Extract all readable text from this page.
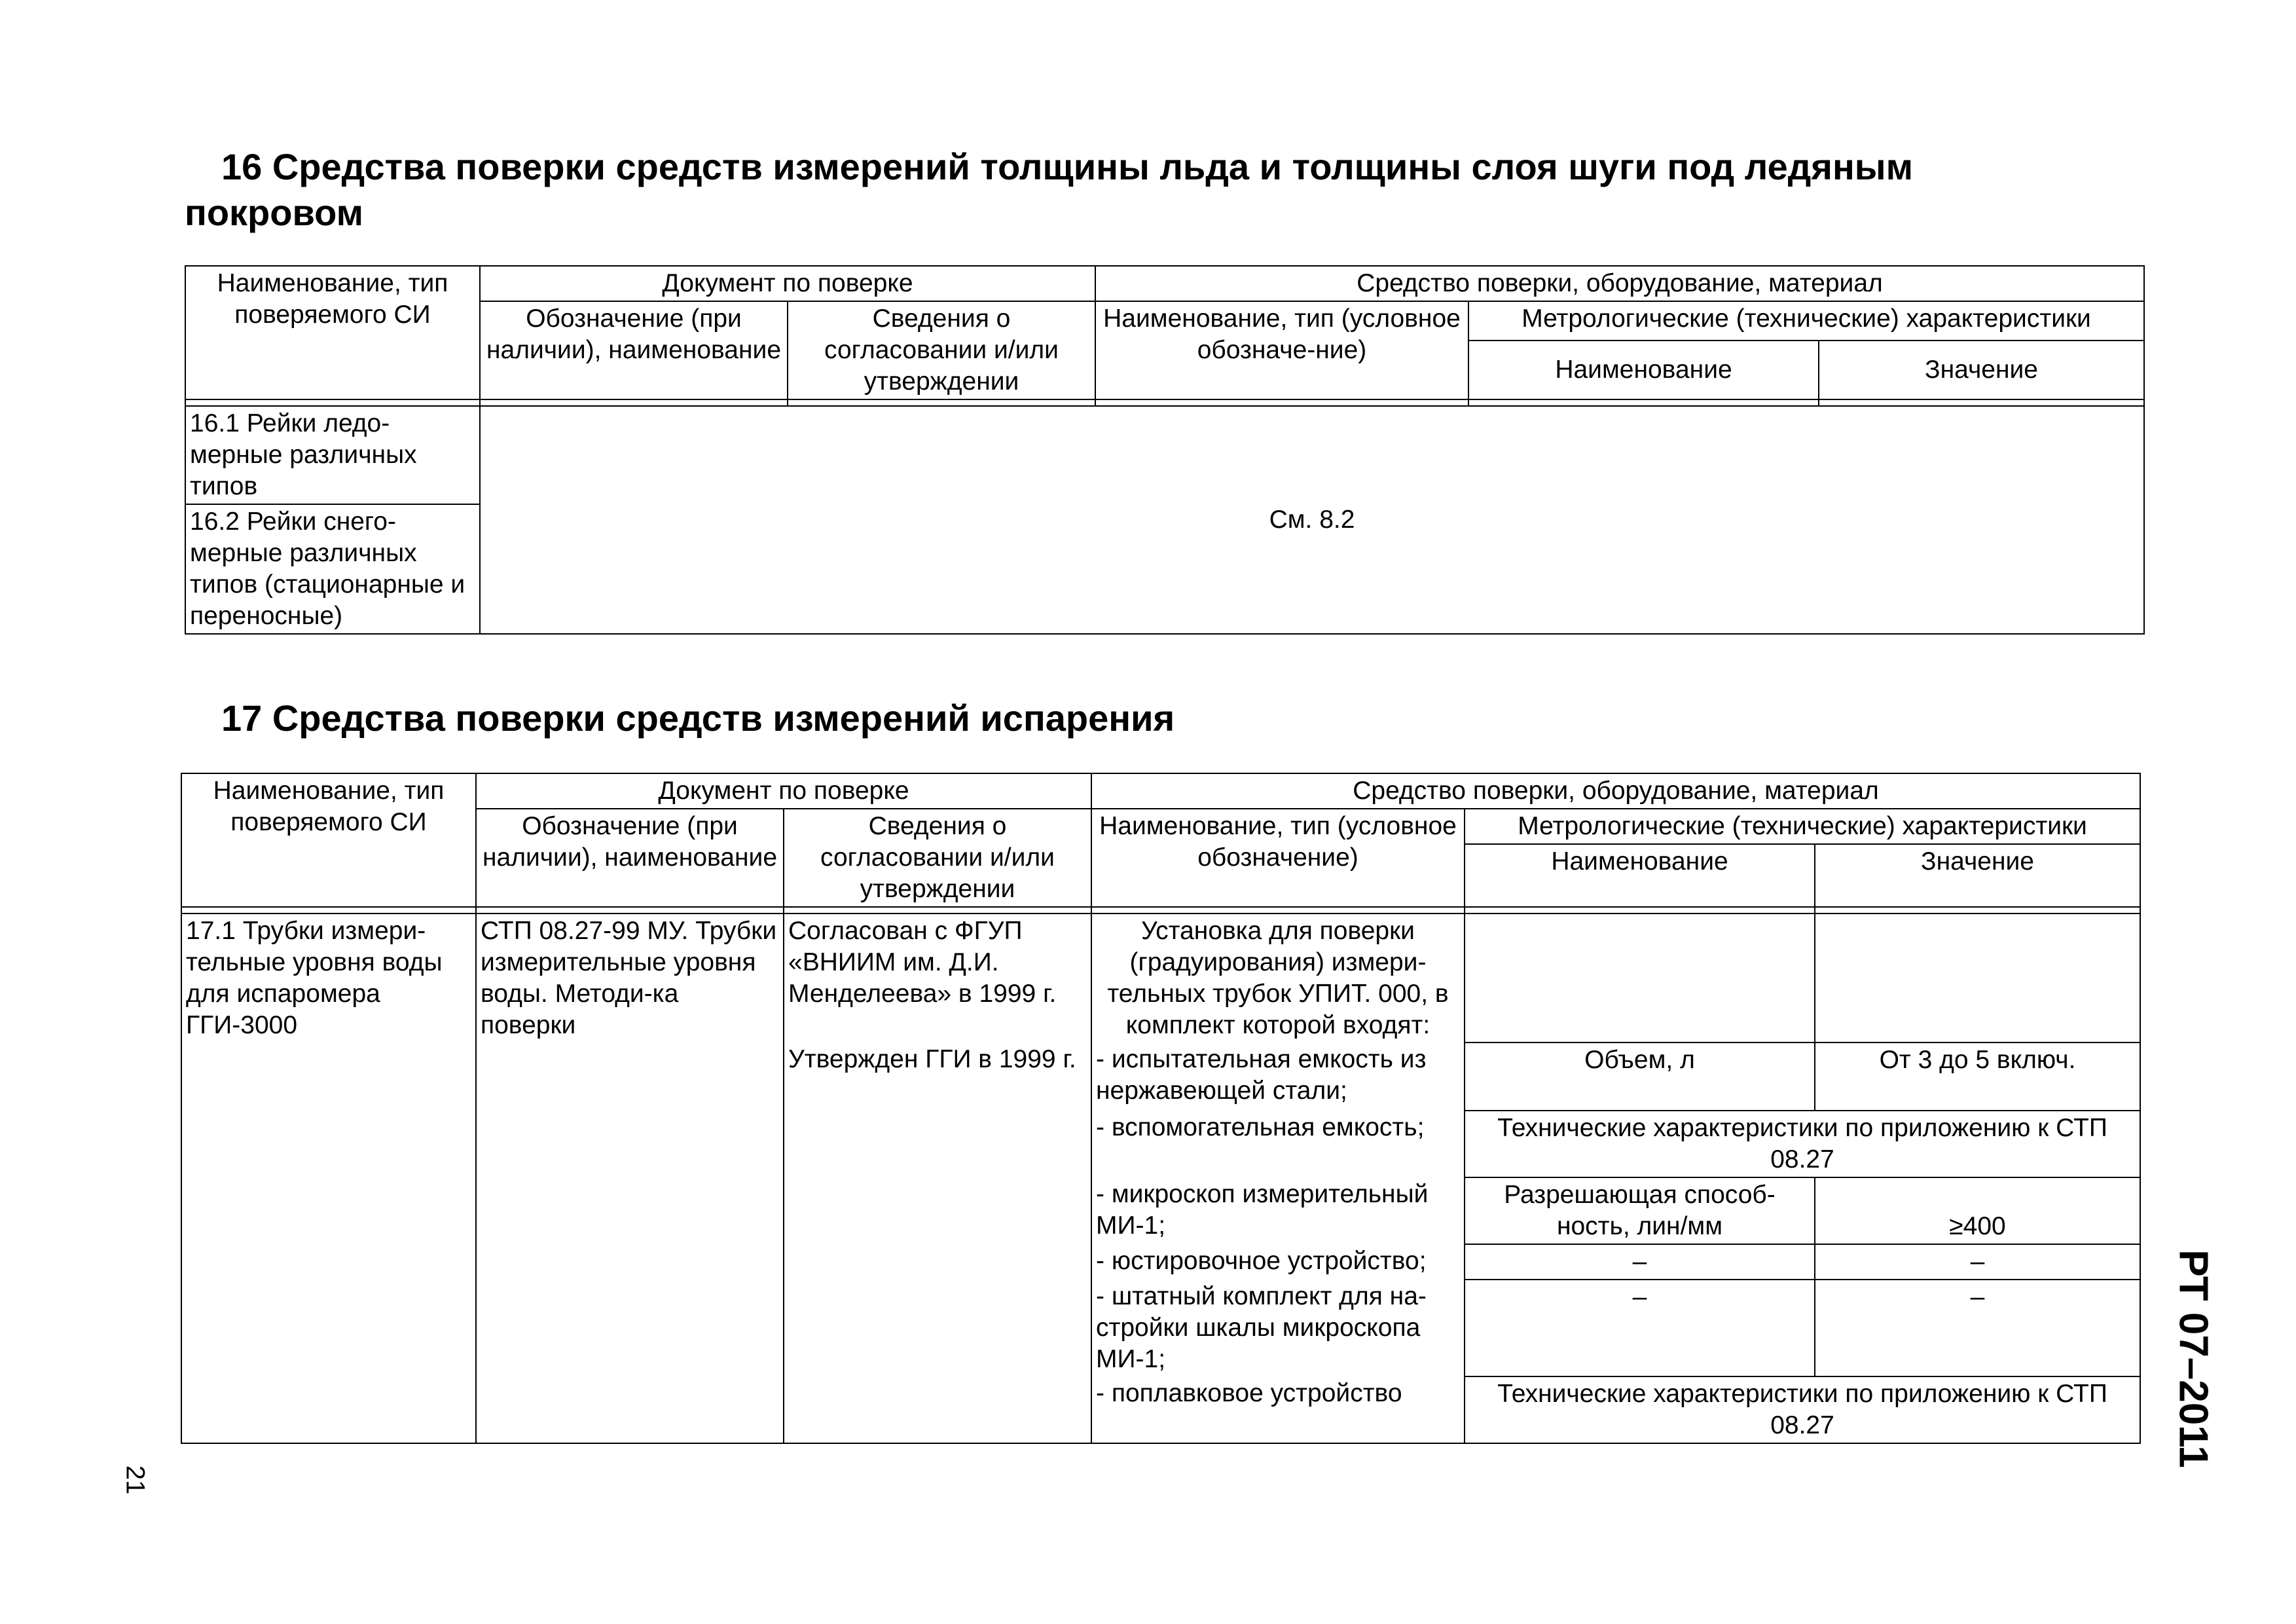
16 Средства поверки средств измерений толщины льда и толщины слоя шуги под ледяным
покровом
Наименование, тип поверяемого СИ	Документ по поверке		Средство поверки, оборудование, материал		
	Обозначение (при наличии), наименование	Сведения о согласовании и/или утверждении	Наименование, тип (условное обозначе-ние)	Метрологические (технические) характеристики	
				Наименование	Значение

16.1 Рейки ледо-мерные различных типов	См. 8.2				
16.2 Рейки снего-мерные различных типов (стационарные и переносные)					
17 Средства поверки средств измерений испарения
Наименование, тип поверяемого СИ	Документ по поверке		Средство поверки, оборудование, материал		
	Обозначение (при наличии), наименование	Сведения о согласовании и/или утверждении	Наименование, тип (условное обозначение)	Метрологические (технические) характеристики	
				Наименование	Значение

17.1 Трубки измери-тельные уровня воды для испаромера ГГИ-3000	СТП 08.27-99 МУ. Трубки измерительные уровня воды. Методи-ка поверки	Согласован с ФГУП «ВНИИМ им. Д.И. Менделеева» в 1999 г.	Установка для поверки (градуирования) измери-тельных трубок УПИТ. 000, в комплект которой входят:		
		Утвержден ГГИ в 1999 г.	- испытательная емкость из нержавеющей стали;	Объем, л	От 3 до 5 включ.
			- вспомогательная емкость;	Технические характеристики по приложению к СТП 08.27	
			- микроскоп измерительный МИ-1;	Разрешающая способ-ность, лин/мм	≥400
			- юстировочное устройство;	–	–
			- штатный комплект для на-стройки шкалы микроскопа МИ-1;	–	–
			- поплавковое устройство	Технические характеристики по приложению к СТП 08.27		РТ 07–2011
21
